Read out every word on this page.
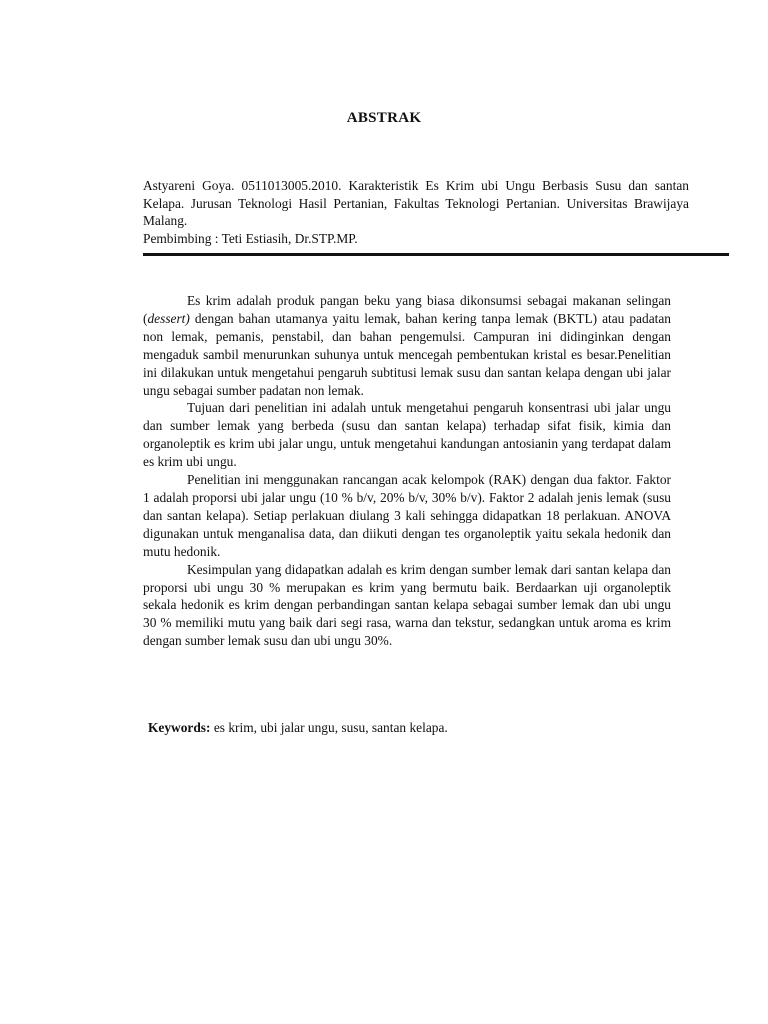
ABSTRAK

Astyareni Goya. 0511013005.2010. Karakteristik Es Krim ubi Ungu Berbasis Susu dan santan Kelapa. Jurusan Teknologi Hasil Pertanian, Fakultas Teknologi Pertanian. Universitas Brawijaya Malang.

Pembimbing : Teti Estiasih, Dr.STP.MP.

Es krim adalah produk pangan beku yang biasa dikonsumsi sebagai makanan selingan (dessert) dengan bahan utamanya yaitu lemak, bahan kering tanpa lemak (BKTL) atau padatan non lemak, pemanis, penstabil, dan bahan pengemulsi. Campuran ini didinginkan dengan mengaduk sambil menurunkan suhunya untuk mencegah pembentukan kristal es besar.Penelitian ini dilakukan untuk mengetahui pengaruh subtitusi lemak susu dan santan kelapa dengan ubi jalar ungu sebagai sumber padatan non lemak.

Tujuan dari penelitian ini adalah untuk mengetahui pengaruh konsentrasi ubi jalar ungu dan sumber lemak yang berbeda (susu dan santan kelapa) terhadap sifat fisik, kimia dan organoleptik es krim ubi jalar ungu, untuk mengetahui kandungan antosianin yang terdapat dalam es krim ubi ungu.

Penelitian ini menggunakan rancangan acak kelompok (RAK) dengan dua faktor. Faktor 1 adalah proporsi ubi jalar ungu (10 % b/v, 20% b/v, 30% b/v). Faktor 2 adalah jenis lemak (susu dan santan kelapa). Setiap perlakuan diulang 3 kali sehingga didapatkan 18 perlakuan. ANOVA digunakan untuk menganalisa data, dan diikuti dengan tes organoleptik yaitu sekala hedonik dan mutu hedonik.

Kesimpulan yang didapatkan adalah es krim dengan sumber lemak dari santan kelapa dan proporsi ubi ungu 30 % merupakan es krim yang bermutu baik. Berdaarkan uji organoleptik sekala hedonik es krim dengan perbandingan santan kelapa sebagai sumber lemak dan ubi ungu 30 % memiliki mutu yang baik dari segi rasa, warna dan tekstur, sedangkan untuk aroma es krim dengan sumber lemak susu dan ubi ungu 30%.

Keywords: es krim, ubi jalar ungu, susu, santan kelapa.
